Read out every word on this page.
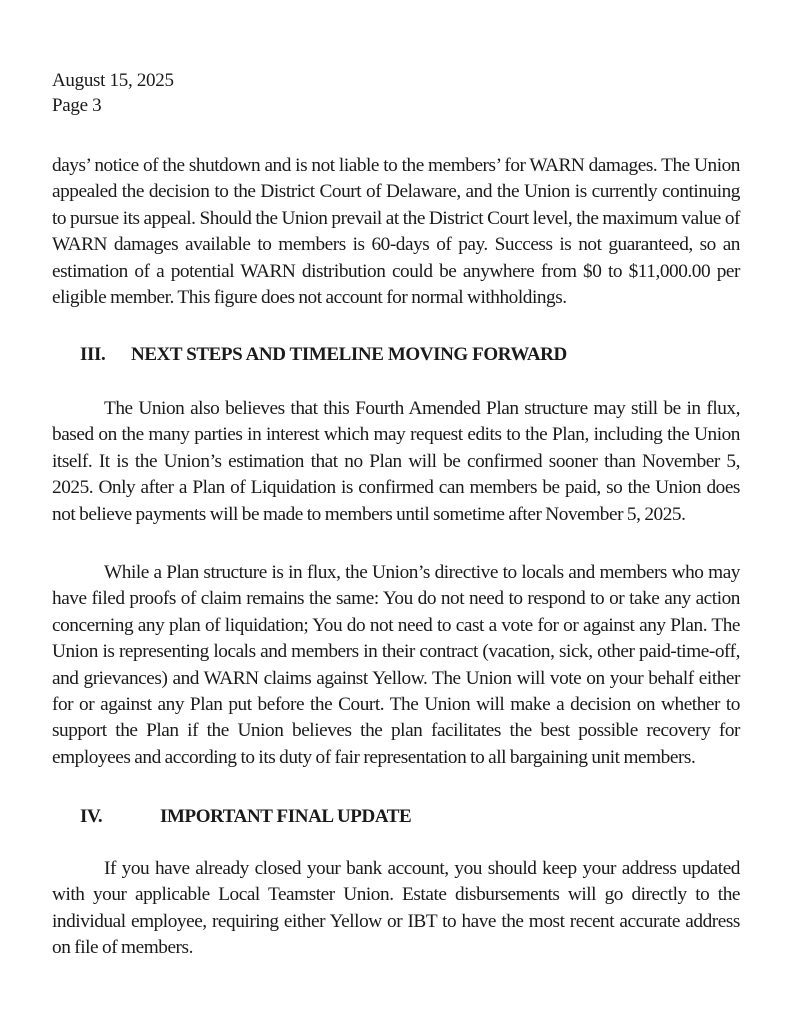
August 15, 2025
Page 3

days’ notice of the shutdown and is not liable to the members’ for WARN damages. The Union appealed the decision to the District Court of Delaware, and the Union is currently continuing to pursue its appeal. Should the Union prevail at the District Court level, the maximum value of WARN damages available to members is 60-days of pay. Success is not guaranteed, so an estimation of a potential WARN distribution could be anywhere from $0 to $11,000.00 per eligible member. This figure does not account for normal withholdings.

III. NEXT STEPS AND TIMELINE MOVING FORWARD

The Union also believes that this Fourth Amended Plan structure may still be in flux, based on the many parties in interest which may request edits to the Plan, including the Union itself. It is the Union’s estimation that no Plan will be confirmed sooner than November 5, 2025. Only after a Plan of Liquidation is confirmed can members be paid, so the Union does not believe payments will be made to members until sometime after November 5, 2025.

While a Plan structure is in flux, the Union’s directive to locals and members who may have filed proofs of claim remains the same: You do not need to respond to or take any action concerning any plan of liquidation; You do not need to cast a vote for or against any Plan. The Union is representing locals and members in their contract (vacation, sick, other paid-time-off, and grievances) and WARN claims against Yellow. The Union will vote on your behalf either for or against any Plan put before the Court. The Union will make a decision on whether to support the Plan if the Union believes the plan facilitates the best possible recovery for employees and according to its duty of fair representation to all bargaining unit members.

IV.	IMPORTANT FINAL UPDATE

If you have already closed your bank account, you should keep your address updated with your applicable Local Teamster Union. Estate disbursements will go directly to the individual employee, requiring either Yellow or IBT to have the most recent accurate address on file of members.
